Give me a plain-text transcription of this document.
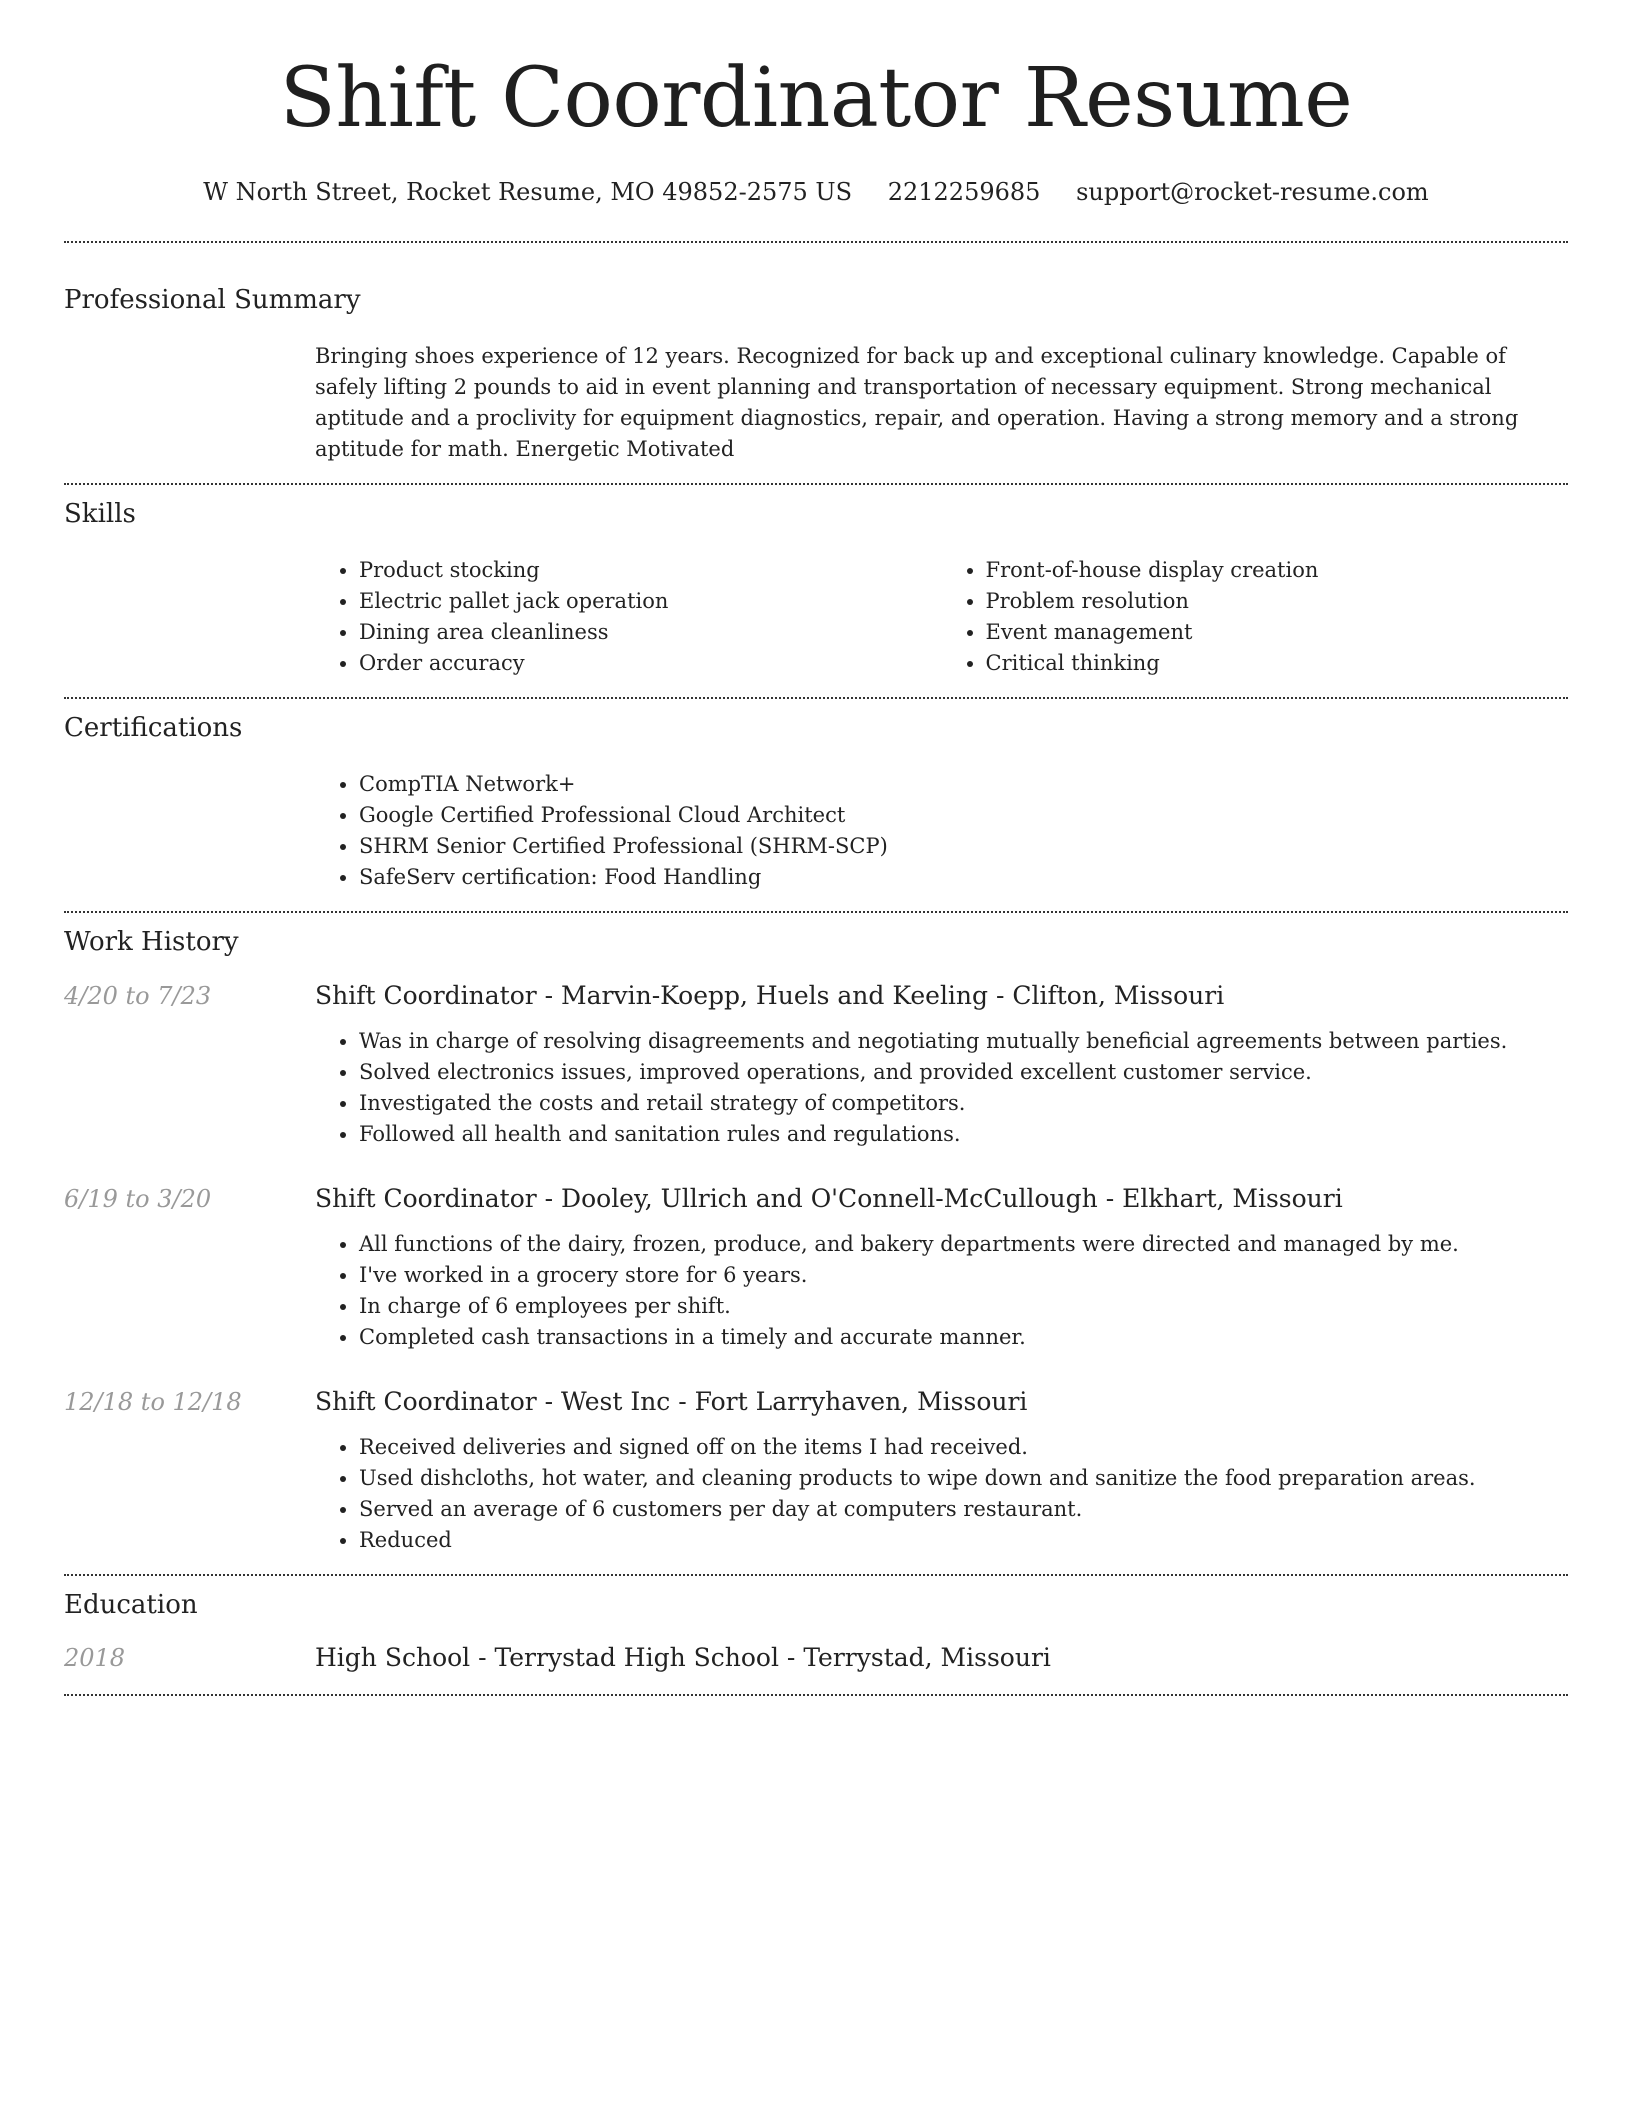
Shift Coordinator Resume
W North Street, Rocket Resume, MO 49852-2575 US 2212259685 support@rocket-resume.com
Professional Summary
Bringing shoes experience of 12 years. Recognized for back up and exceptional culinary knowledge. Capable of safely lifting 2 pounds to aid in event planning and transportation of necessary equipment. Strong mechanical aptitude and a proclivity for equipment diagnostics, repair, and operation. Having a strong memory and a strong aptitude for math. Energetic Motivated
Skills
• Product stocking
• Electric pallet jack operation
• Dining area cleanliness
• Order accuracy
• Front-of-house display creation
• Problem resolution
• Event management
• Critical thinking
Certifications
• CompTIA Network+
• Google Certified Professional Cloud Architect
• SHRM Senior Certified Professional (SHRM-SCP)
• SafeServ certification: Food Handling
Work History
4/20 to 7/23	Shift Coordinator - Marvin-Koepp, Huels and Keeling - Clifton, Missouri
• Was in charge of resolving disagreements and negotiating mutually beneficial agreements between parties.
• Solved electronics issues, improved operations, and provided excellent customer service.
• Investigated the costs and retail strategy of competitors.
• Followed all health and sanitation rules and regulations.
6/19 to 3/20	Shift Coordinator - Dooley, Ullrich and O'Connell-McCullough - Elkhart, Missouri
• All functions of the dairy, frozen, produce, and bakery departments were directed and managed by me.
• I've worked in a grocery store for 6 years.
• In charge of 6 employees per shift.
• Completed cash transactions in a timely and accurate manner.
12/18 to 12/18	Shift Coordinator - West Inc - Fort Larryhaven, Missouri
• Received deliveries and signed off on the items I had received.
• Used dishcloths, hot water, and cleaning products to wipe down and sanitize the food preparation areas.
• Served an average of 6 customers per day at computers restaurant.
• Reduced
Education
2018	High School - Terrystad High School - Terrystad, Missouri
